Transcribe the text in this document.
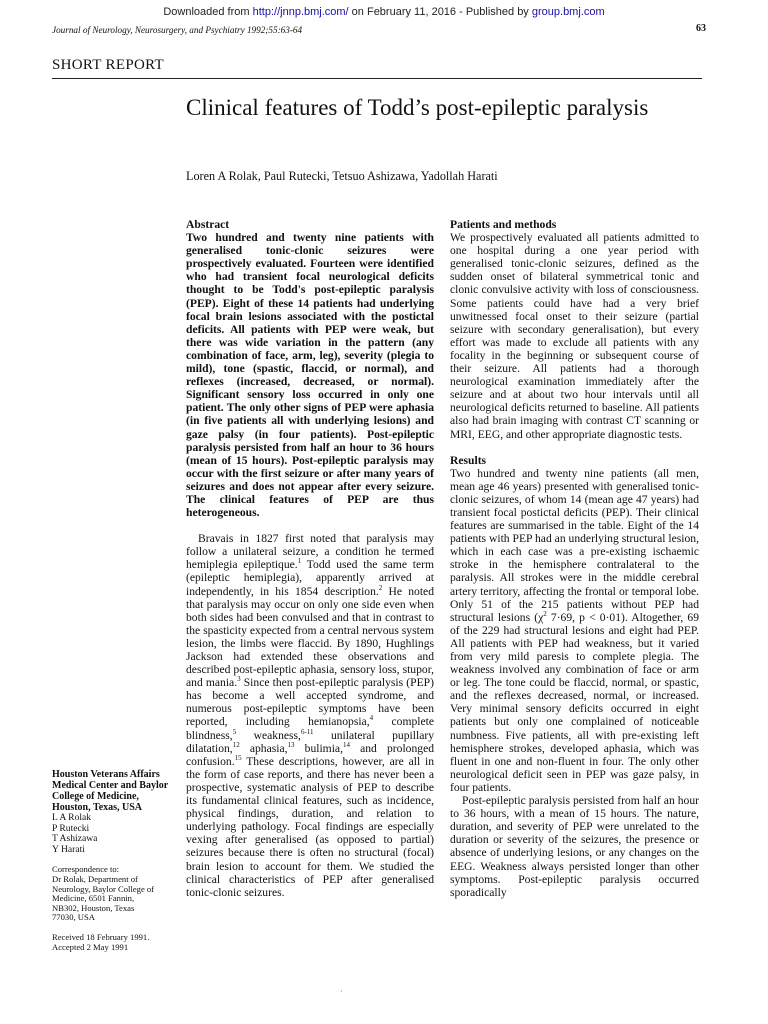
Downloaded from http://jnnp.bmj.com/ on February 11, 2016 - Published by group.bmj.com
Journal of Neurology, Neurosurgery, and Psychiatry 1992;55:63-64	63
SHORT REPORT
Clinical features of Todd’s post-epileptic paralysis
Loren A Rolak, Paul Rutecki, Tetsuo Ashizawa, Yadollah Harati
Abstract

Two hundred and twenty nine patients with generalised tonic-clonic seizures were prospectively evaluated. Fourteen were identified who had transient focal neurological deficits thought to be Todd's post-epileptic paralysis (PEP). Eight of these 14 patients had underlying focal brain lesions associated with the postictal deficits. All patients with PEP were weak, but there was wide variation in the pattern (any combination of face, arm, leg), severity (plegia to mild), tone (spastic, flaccid, or normal), and reflexes (increased, decreased, or normal). Significant sensory loss occurred in only one patient. The only other signs of PEP were aphasia (in five patients all with underlying lesions) and gaze palsy (in four patients). Post-epileptic paralysis persisted from half an hour to 36 hours (mean of 15 hours). Post-epileptic paralysis may occur with the first seizure or after many years of seizures and does not appear after every seizure. The clinical features of PEP are thus heterogeneous.

Bravais in 1827 first noted that paralysis may follow a unilateral seizure, a condition he termed hemiplegia epileptique.$^1$ Todd used the same term (epileptic hemiplegia), apparently arrived at independently, in his 1854 description.$^2$ He noted that paralysis may occur on only one side even when both sides had been convulsed and that in contrast to the spasticity expected from a central nervous system lesion, the limbs were flaccid. By 1890, Hughlings Jackson had extended these observations and described post-epileptic aphasia, sensory loss, stupor, and mania.$^3$ Since then post-epileptic paralysis (PEP) has become a well accepted syndrome, and numerous post-epileptic symptoms have been reported, including hemianopsia,$^4$ complete blindness,$^5$ weakness,$^{6-11}$ unilateral pupillary dilatation,$^{12}$ aphasia,$^{13}$ bulimia,$^{14}$ and prolonged confusion.$^{15}$ These descriptions, however, are all in the form of case reports, and there has never been a prospective, systematic analysis of PEP to describe its fundamental clinical features, such as incidence, physical findings, duration, and relation to underlying pathology. Focal findings are especially vexing after generalised (as opposed to partial) seizures because there is often no structural (focal) brain lesion to account for them. We studied the clinical characteristics of PEP after generalised tonic-clonic seizures.

Patients and methods

We prospectively evaluated all patients admitted to one hospital during a one year period with generalised tonic-clonic seizures, defined as the sudden onset of bilateral symmetrical tonic and clonic convulsive activity with loss of consciousness. Some patients could have had a very brief unwitnessed focal onset to their seizure (partial seizure with secondary generalisation), but every effort was made to exclude all patients with any focality in the beginning or subsequent course of their seizure. All patients had a thorough neurological examination immediately after the seizure and at about two hour intervals until all neurological deficits returned to baseline. All patients also had brain imaging with contrast CT scanning or MRI, EEG, and other appropriate diagnostic tests.

Results

Two hundred and twenty nine patients (all men, mean age 46 years) presented with generalised tonic-clonic seizures, of whom 14 (mean age 47 years) had transient focal postictal deficits (PEP). Their clinical features are summarised in the table. Eight of the 14 patients with PEP had an underlying structural lesion, which in each case was a pre-existing ischaemic stroke in the hemisphere contralateral to the paralysis. All strokes were in the middle cerebral artery territory, affecting the frontal or temporal lobe. Only 51 of the 215 patients without PEP had structural lesions ($\chi^2$ 7·69, p < 0·01). Altogether, 69 of the 229 had structural lesions and eight had PEP. All patients with PEP had weakness, but it varied from very mild paresis to complete plegia. The weakness involved any combination of face or arm or leg. The tone could be flaccid, normal, or spastic, and the reflexes decreased, normal, or increased. Very minimal sensory deficits occurred in eight patients but only one complained of noticeable numbness. Five patients, all with pre-existing left hemisphere strokes, developed aphasia, which was fluent in one and non-fluent in four. The only other neurological deficit seen in PEP was gaze palsy, in four patients.

Post-epileptic paralysis persisted from half an hour to 36 hours, with a mean of 15 hours. The nature, duration, and severity of PEP were unrelated to the duration or severity of the seizures, the presence or absence of underlying lesions, or any changes on the EEG. Weakness always persisted longer than other symptoms. Post-epileptic paralysis occurred sporadically

Houston Veterans Affairs Medical Center and Baylor College of Medicine, Houston, Texas, USA
L A Rolak
P Rutecki
T Ashizawa
Y Harati
Correspondence to:
Dr Rolak, Department of
Neurology, Baylor College of
Medicine, 6501 Fannin,
NB302, Houston, Texas
77030, USA
Received 18 February 1991.
Accepted 2 May 1991
·
